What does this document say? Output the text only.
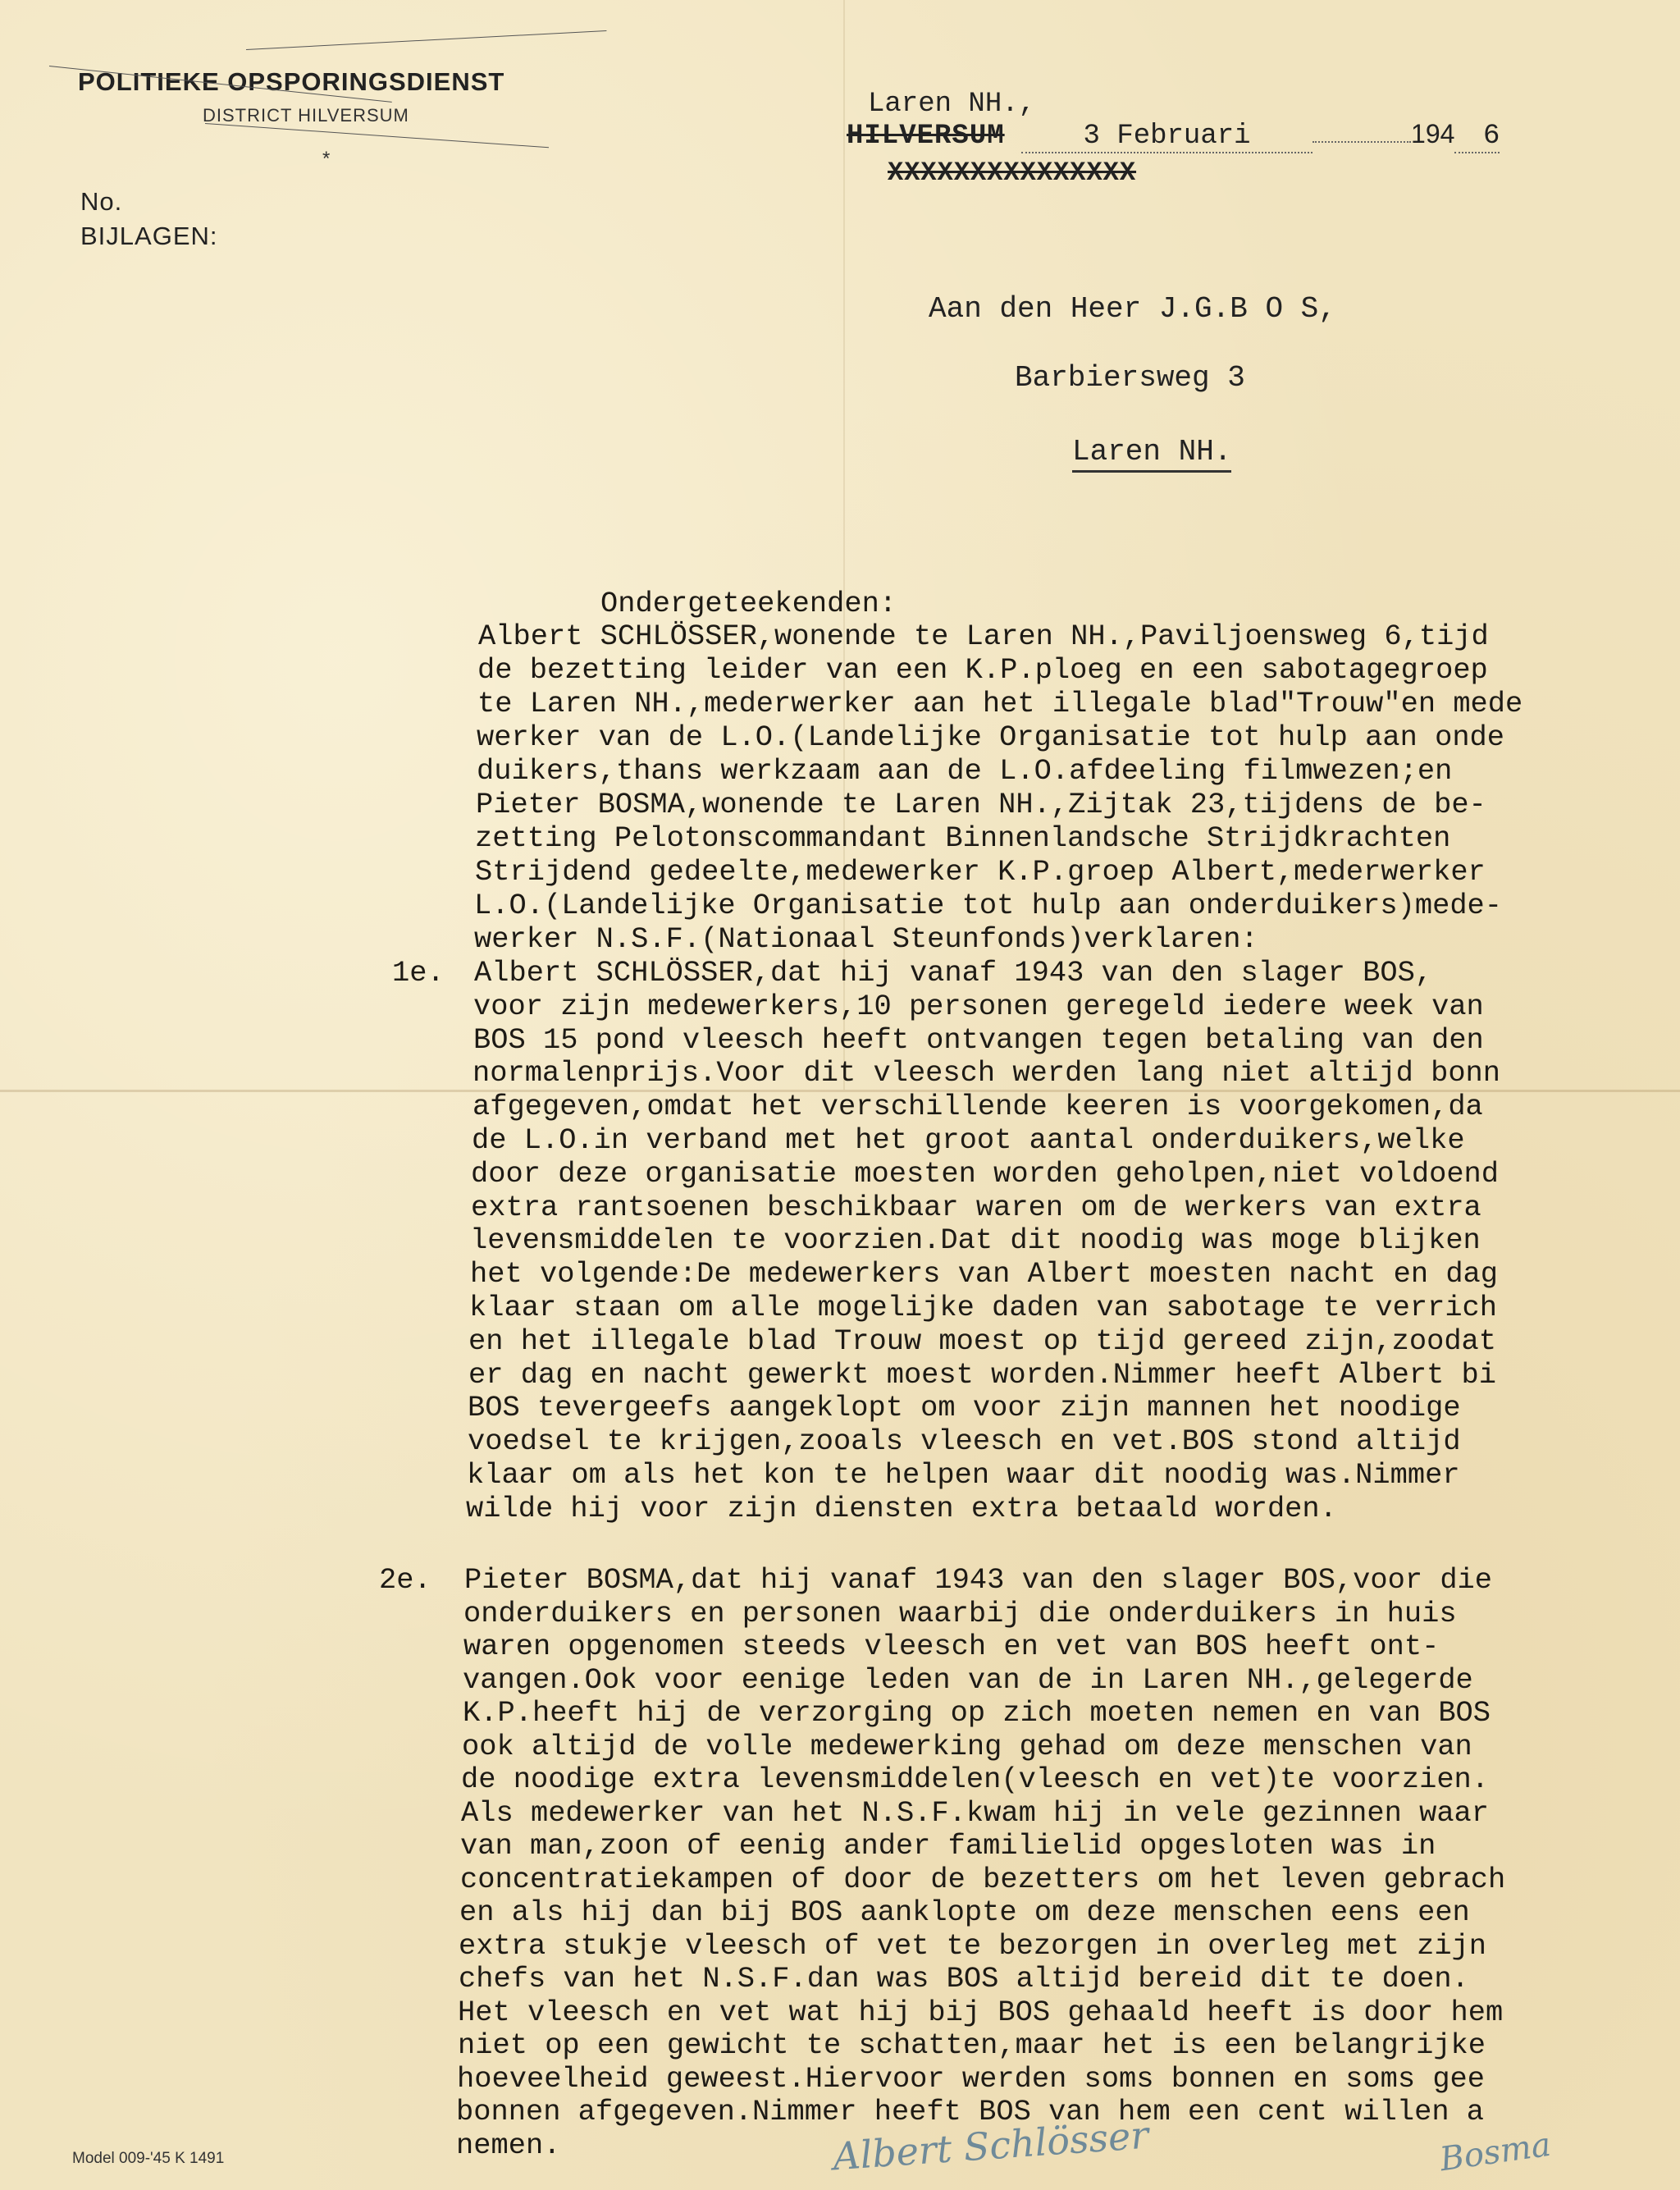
POLITIEKE OPSPORINGSDIENST
DISTRICT HILVERSUM
*
No.
BIJLAGEN:
Laren NH.,
HILVERSUM	3 Februari	194 6
XXXXXXXXXXXXXXX
Aan den Heer J.G.B O S,
Barbiersweg 3
Laren NH.
Ondergeteekenden:
Albert SCHLÖSSER,wonende te Laren NH.,Paviljoensweg 6,tijd
de bezetting leider van een K.P.ploeg en een sabotagegroep
te Laren NH.,mederwerker aan het illegale blad"Trouw"en mede
werker van de L.O.(Landelijke Organisatie tot hulp aan onde
duikers,thans werkzaam aan de L.O.afdeeling filmwezen;en
Pieter BOSMA,wonende te Laren NH.,Zijtak 23,tijdens de be-
zetting Pelotonscommandant Binnenlandsche Strijdkrachten
Strijdend gedeelte,medewerker K.P.groep Albert,mederwerker
L.O.(Landelijke Organisatie tot hulp aan onderduikers)mede-
werker N.S.F.(Nationaal Steunfonds)verklaren:
1e. Albert SCHLÖSSER,dat hij vanaf 1943 van den slager BOS,
voor zijn medewerkers,10 personen geregeld iedere week van
BOS 15 pond vleesch heeft ontvangen tegen betaling van den
normalenprijs.Voor dit vleesch werden lang niet altijd bonn
afgegeven,omdat het verschillende keeren is voorgekomen,da
de L.O.in verband met het groot aantal onderduikers,welke
door deze organisatie moesten worden geholpen,niet voldoend
extra rantsoenen beschikbaar waren om de werkers van extra
levensmiddelen te voorzien.Dat dit noodig was moge blijken
het volgende:De medewerkers van Albert moesten nacht en dag
klaar staan om alle mogelijke daden van sabotage te verrich
en het illegale blad Trouw moest op tijd gereed zijn,zoodat
er dag en nacht gewerkt moest worden.Nimmer heeft Albert bi
BOS tevergeefs aangeklopt om voor zijn mannen het noodige
voedsel te krijgen,zooals vleesch en vet.BOS stond altijd
klaar om als het kon te helpen waar dit noodig was.Nimmer
wilde hij voor zijn diensten extra betaald worden.
2e. Pieter BOSMA,dat hij vanaf 1943 van den slager BOS,voor die
onderduikers en personen waarbij die onderduikers in huis
waren opgenomen steeds vleesch en vet van BOS heeft ont-
vangen.Ook voor eenige leden van de in Laren NH.,gelegerde
K.P.heeft hij de verzorging op zich moeten nemen en van BOS
ook altijd de volle medewerking gehad om deze menschen van
de noodige extra levensmiddelen(vleesch en vet)te voorzien.
Als medewerker van het N.S.F.kwam hij in vele gezinnen waar
van man,zoon of eenig ander familielid opgesloten was in
concentratiekampen of door de bezetters om het leven gebrach
en als hij dan bij BOS aanklopte om deze menschen eens een
extra stukje vleesch of vet te bezorgen in overleg met zijn
chefs van het N.S.F.dan was BOS altijd bereid dit te doen.
Het vleesch en vet wat hij bij BOS gehaald heeft is door hem
niet op een gewicht te schatten,maar het is een belangrijke
hoeveelheid geweest.Hiervoor werden soms bonnen en soms gee
bonnen afgegeven.Nimmer heeft BOS van hem een cent willen a
nemen.	Albert Schlösser	Bosma
Model 009-'45 K 1491
